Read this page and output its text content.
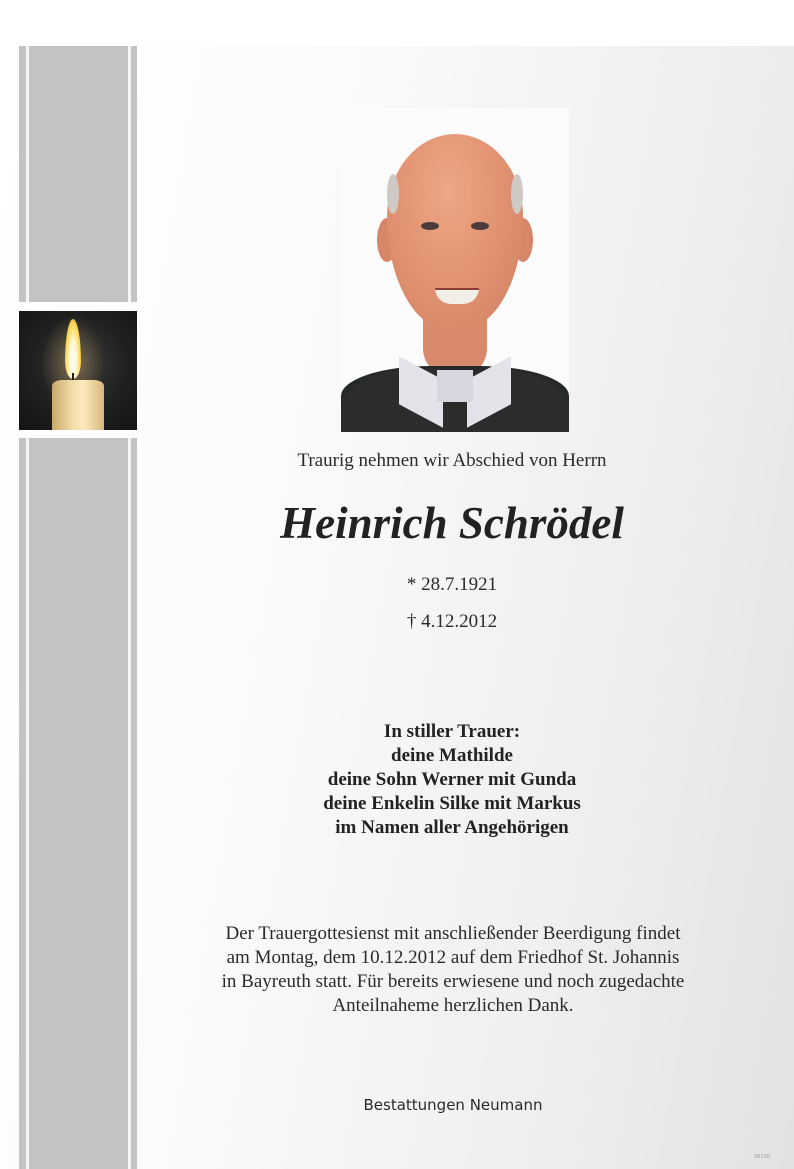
Traurig nehmen wir Abschied von Herrn
Heinrich Schrödel
* 28.7.1921
† 4.12.2012
In stiller Trauer:
deine Mathilde
deine Sohn Werner mit Gunda
deine Enkelin Silke mit Markus
im Namen aller Angehörigen
Der Trauergottesienst mit anschließender Beerdigung findet
am Montag, dem 10.12.2012 auf dem Friedhof St. Johannis
in Bayreuth statt. Für bereits erwiesene und noch zugedachte
Anteilnaheme herzlichen Dank.
Bestattungen Neumann
00130
